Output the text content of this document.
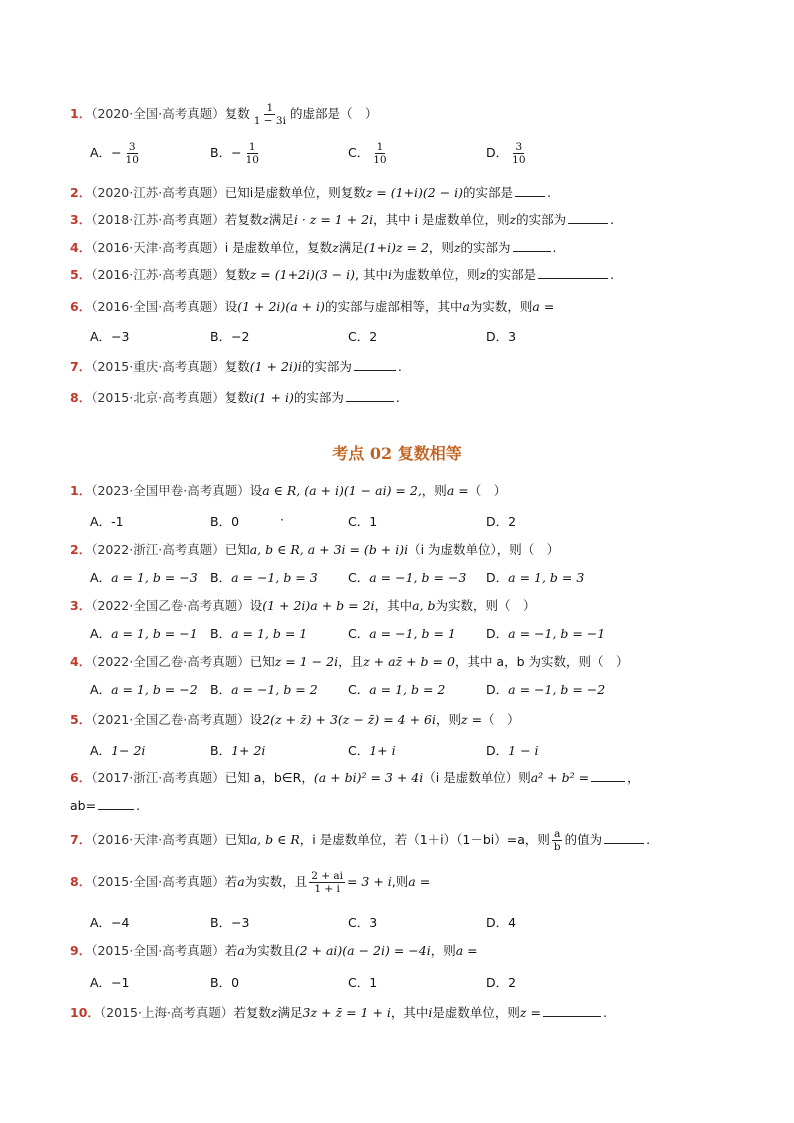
1．（2020·全国·高考真题）复数 $\frac{1}{1 - 3i}$ 的虚部是（　）
A．− $\frac{3}{10}$	B．− $\frac{1}{10}$	C． $\frac{1}{10}$	D． $\frac{3}{10}$
2．（2020·江苏·高考真题）已知i是虚数单位，则复数z = (1+i)(2 − i)的实部是	.
3．（2018·江苏·高考真题）若复数z满足i · z = 1 + 2i，其中 i 是虚数单位，则z的实部为	.
4．（2016·天津·高考真题）i 是虚数单位，复数z满足(1+i)z = 2，则z的实部为	.
5．（2016·江苏·高考真题）复数z = (1+2i)(3 − i), 其中i为虚数单位，则z的实部是	.
6．（2016·全国·高考真题）设(1 + 2i)(a + i)的实部与虚部相等，其中a为实数，则a =
A．−3	B．−2	C．2	D．3
7．（2015·重庆·高考真题）复数(1 + 2i)i的实部为	.
8．（2015·北京·高考真题）复数i(1 + i)的实部为	.
考点 02 复数相等
1．（2023·全国甲卷·高考真题）设a ∈ R, (a + i)(1 − ai) = 2,，则a =（　）
A．-1	B．0	·	C．1	D．2
2．（2022·浙江·高考真题）已知a, b ∈ R, a + 3i = (b + i)i（i 为虚数单位），则（　）
A．a = 1, b = −3 B．a = −1, b = 3 C．a = −1, b = −3 D．a = 1, b = 3
3．（2022·全国乙卷·高考真题）设(1 + 2i)a + b = 2i，其中a, b为实数，则（　）
A．a = 1, b = −1 B．a = 1, b = 1	C．a = −1, b = 1 D．a = −1, b = −1
4．（2022·全国乙卷·高考真题）已知z = 1 − 2i，且z + az̄ + b = 0，其中 a，b 为实数，则（　）
A．a = 1, b = −2 B．a = −1, b = 2 C．a = 1, b = 2	D．a = −1, b = −2
5．（2021·全国乙卷·高考真题）设2(z + z̄) + 3(z − z̄) = 4 + 6i，则z =（　）
A．1− 2i	B．1+ 2i	C．1+ i	D．1 − i
6．（2017·浙江·高考真题）已知 a，b∈R，(a + bi)² = 3 + 4i（i 是虚数单位）则a² + b² =	，
ab=	.
7．（2016·天津·高考真题）已知a, b ∈ R，i 是虚数单位，若（1＋i）（1－bi）=a，则 $\frac{a}{b}$ 的值为	.
8．（2015·全国·高考真题）若a为实数，且 $\frac{2 + ai}{1 + i} = 3 + i$,则a =
A．−4	B．−3	C．3	D．4
9．（2015·全国·高考真题）若a为实数且(2 + ai)(a − 2i) = −4i，则a =
A．−1	B．0	C．1	D．2
10．（2015·上海·高考真题）若复数z满足3z + z̄ = 1 + i，其中i是虚数单位，则z =	.
